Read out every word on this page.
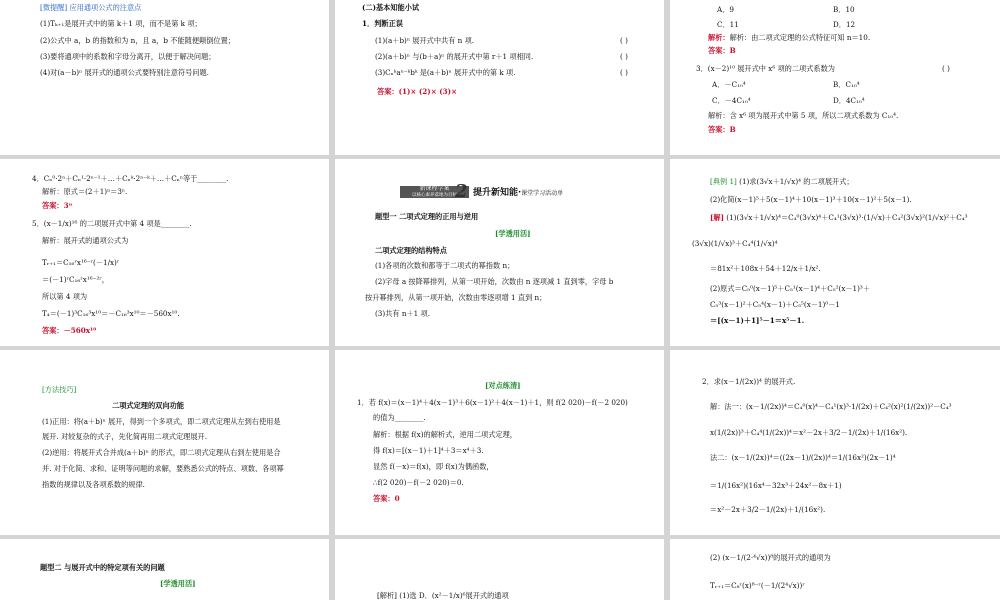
[微提醒] 应用通项公式的注意点
(1)Tₖ₊₁是展开式中的第 k＋1 项，而不是第 k 项；
(2)公式中 a，b 的指数和为 n，且 a，b 不能随便颠倒位置；
(3)要将通项中的系数和字母分离开，以便于解决问题；
(4)对(a－b)ⁿ 展开式的通项公式要特别注意符号问题.
(二)基本知能小试
1．判断正误
(1)(a＋b)ⁿ 展开式中共有 n 项.	( )
(2)(a＋b)ⁿ 与(b＋a)ⁿ 的展开式中第 r＋1 项相同.	( )
(3)Cₙᵏaⁿ⁻ᵏbᵏ 是(a＋b)ⁿ 展开式中的第 k 项.	( )
答案：(1)× (2)× (3)×
A．9	B．10
C．11	D．12
解析：解析：由二项式定理的公式特征可知 n＝10.
答案：B
3．(x－2)¹⁰ 展开式中 x⁶ 项的二项式系数为	( )
A．－C₁₀⁴	B．C₁₀⁴
C．－4C₁₀⁴	D．4C₁₀⁴
解析：含 x⁶ 项为展开式中第 5 项，所以二项式系数为 C₁₀⁴.
答案：B
4．Cₙ⁰·2ⁿ＋Cₙ¹·2ⁿ⁻¹＋…＋Cₙᵏ·2ⁿ⁻ᵏ＋…＋Cₙⁿ等于________.
解析：原式＝(2＋1)ⁿ＝3ⁿ.
答案：3ⁿ
5．(x－1/x)¹⁶ 的二项展开式中第 4 项是________.
解析：展开式的通项公式为
Tᵣ₊₁＝C₁₆ʳx¹⁶⁻ʳ(－1/x)ʳ
＝(－1)ʳC₁₆ʳx¹⁶⁻²ʳ，
所以第 4 项为
T₄＝(－1)³C₁₆³x¹⁰＝－C₁₆³x¹⁰＝－560x¹⁰.
答案：－560x¹⁰
新课程学案
以核心素养落地为目标
2 提升新知能·课堂学习活动单
题型一 二项式定理的正用与逆用
[学透用活]
二项式定理的结构特点
(1)各项的次数和都等于二项式的幂指数 n；
(2)字母 a 按降幂排列，从第一项开始，次数由 n 逐项减 1 直到零，字母 b
按升幂排列，从第一项开始，次数由零逐项增 1 直到 n；
(3)共有 n＋1 项.
[典例 1] (1)求(3√x＋1/√x)⁴ 的二项展开式；
(2)化简(x－1)⁵＋5(x－1)⁴＋10(x－1)³＋10(x－1)²＋5(x－1).
[解] (1)(3√x＋1/√x)⁴＝C₄⁰(3√x)⁴＋C₄¹(3√x)³·(1/√x)＋C₄²(3√x)²(1/√x)²＋C₄³
(3√x)(1/√x)³＋C₄⁴(1/√x)⁴
＝81x²＋108x＋54＋12/x＋1/x².
(2)原式＝C₅⁰(x－1)⁵＋C₅¹(x－1)⁴＋C₅²(x－1)³＋
C₅³(x－1)²＋C₅⁴(x－1)＋C₅⁵(x－1)⁰－1
＝[(x－1)＋1]⁵－1＝x⁵－1.
[方法技巧]
二项式定理的双向功能
(1)正用：将(a＋b)ⁿ 展开，得到一个多项式，即二项式定理从左到右使用是
展开. 对较复杂的式子，先化简再用二项式定理展开.
(2)逆用：将展开式合并成(a＋b)ⁿ 的形式，即二项式定理从右到左使用是合
并. 对于化简、求和、证明等问题的求解，要熟悉公式的特点、项数、各项幂
指数的规律以及各项系数的规律.
[对点练清]
1．若 f(x)＝(x－1)⁴＋4(x－1)³＋6(x－1)²＋4(x－1)＋1，则 f(2 020)－f(－2 020)
的值为________.
解析：根据 f(x)的解析式，逆用二项式定理，
得 f(x)＝[(x－1)＋1]⁴＋3＝x⁴＋3.
显然 f(－x)＝f(x)，即 f(x)为偶函数，
∴f(2 020)－f(－2 020)＝0.
答案：0
2．求(x－1/(2x))⁴ 的展开式.
解：法一：(x－1/(2x))⁴＝C₄⁰(x)⁴－C₄¹(x)³·1/(2x)＋C₄²(x)²(1/(2x))²－C₄³
x(1/(2x))³＋C₄⁴(1/(2x))⁴＝x²－2x＋3/2－1/(2x)＋1/(16x²).
法二：(x－1/(2x))⁴＝((2x－1)/(2x))⁴＝1/(16x²)(2x－1)⁴
＝1/(16x²)(16x⁴－32x³＋24x²－8x＋1)
＝x²－2x＋3/2－1/(2x)＋1/(16x²).
题型二 与展开式中的特定项有关的问题
[学透用活]
[解析] (1)选 D．(x²－1/x)⁶展开式的通项
(2) (x－1/(2·⁴√x))⁸的展开式的通项为
Tᵣ₊₁＝C₈ʳ(x)⁸⁻ʳ(－1/(2⁴√x))ʳ
